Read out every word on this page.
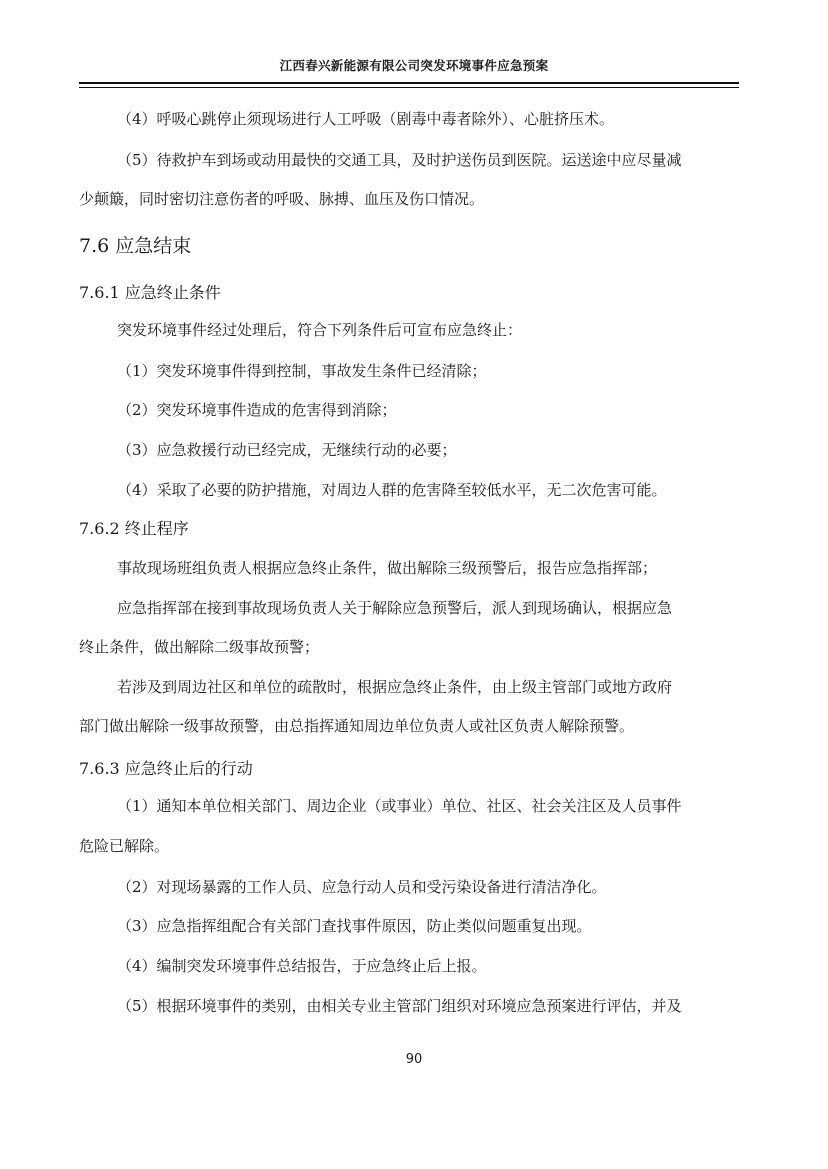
江西春兴新能源有限公司突发环境事件应急预案
（4）呼吸心跳停止须现场进行人工呼吸（剧毒中毒者除外）、心脏挤压术。
（5）待救护车到场或动用最快的交通工具，及时护送伤员到医院。运送途中应尽量减
少颠簸，同时密切注意伤者的呼吸、脉搏、血压及伤口情况。
7.6 应急结束
7.6.1 应急终止条件
突发环境事件经过处理后，符合下列条件后可宣布应急终止：
（1）突发环境事件得到控制，事故发生条件已经清除；
（2）突发环境事件造成的危害得到消除；
（3）应急救援行动已经完成，无继续行动的必要；
（4）采取了必要的防护措施，对周边人群的危害降至较低水平，无二次危害可能。
7.6.2 终止程序
事故现场班组负责人根据应急终止条件，做出解除三级预警后，报告应急指挥部；
应急指挥部在接到事故现场负责人关于解除应急预警后，派人到现场确认，根据应急
终止条件，做出解除二级事故预警；
若涉及到周边社区和单位的疏散时，根据应急终止条件，由上级主管部门或地方政府
部门做出解除一级事故预警，由总指挥通知周边单位负责人或社区负责人解除预警。
7.6.3 应急终止后的行动
（1）通知本单位相关部门、周边企业（或事业）单位、社区、社会关注区及人员事件
危险已解除。
（2）对现场暴露的工作人员、应急行动人员和受污染设备进行清洁净化。
（3）应急指挥组配合有关部门查找事件原因，防止类似问题重复出现。
（4）编制突发环境事件总结报告，于应急终止后上报。
（5）根据环境事件的类别，由相关专业主管部门组织对环境应急预案进行评估，并及
90
